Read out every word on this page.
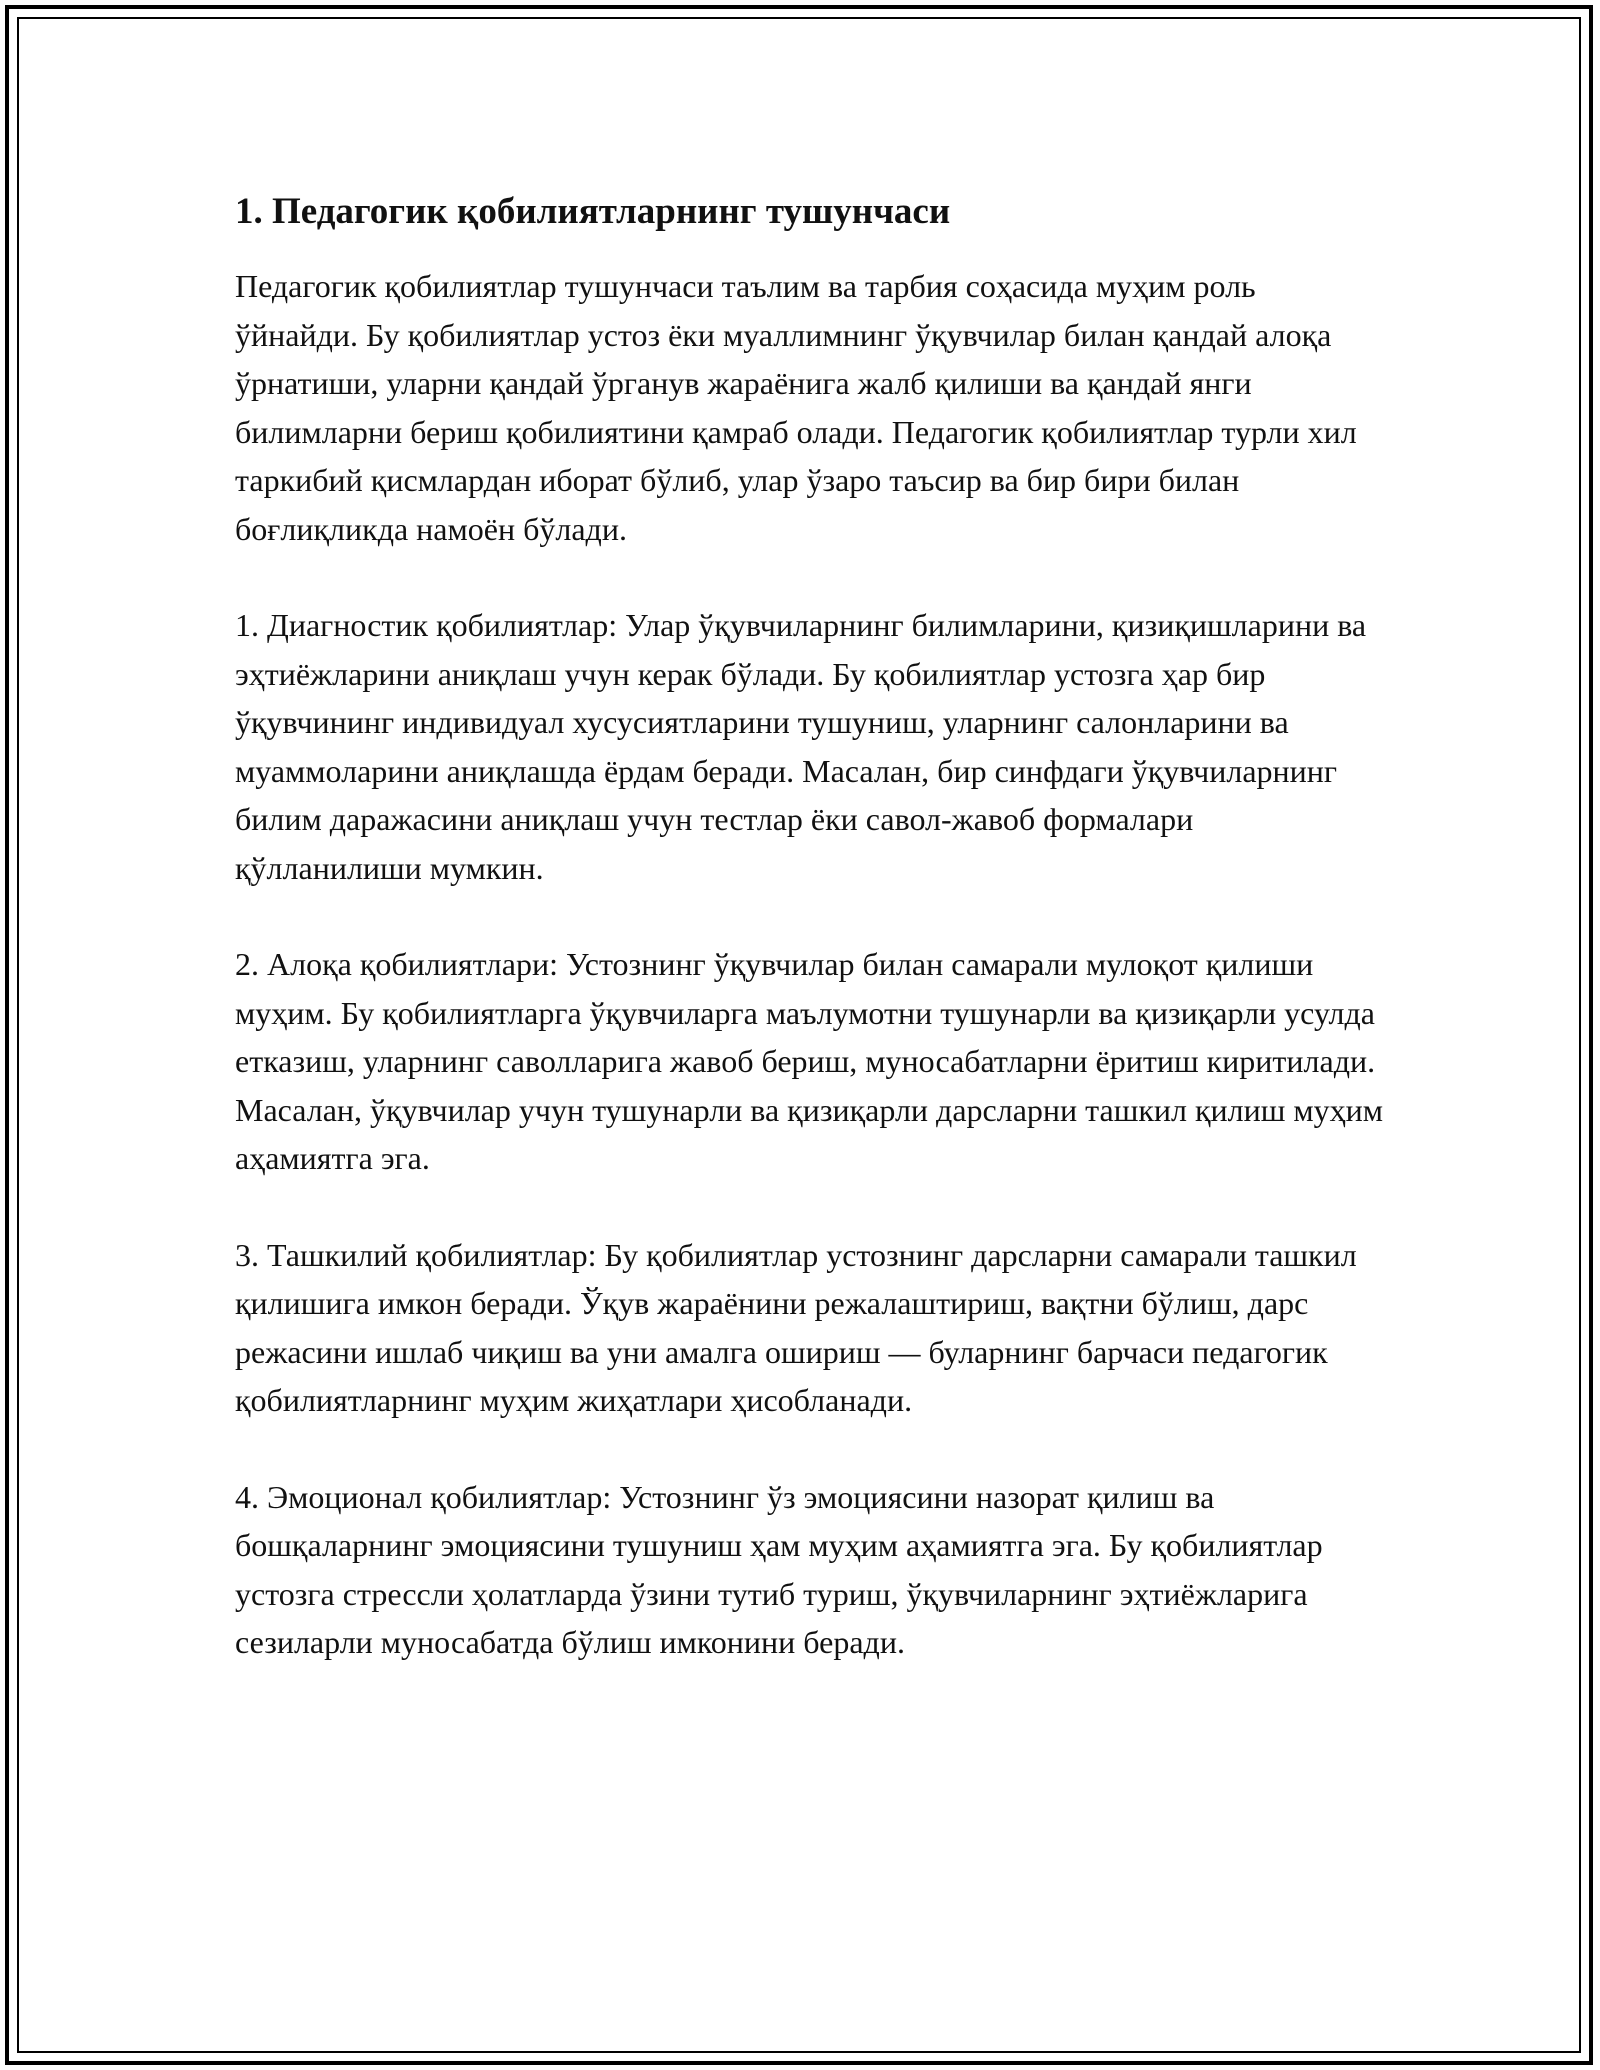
1. Педагогик қобилиятларнинг тушунчаси

Педагогик қобилиятлар тушунчаси таълим ва тарбия соҳасида муҳим роль ўйнайди. Бу қобилиятлар устоз ёки муаллимнинг ўқувчилар билан қандай алоқа ўрнатиши, уларни қандай ўрганув жараёнига жалб қилиши ва қандай янги билимларни бериш қобилиятини қамраб олади. Педагогик қобилиятлар турли хил таркибий қисмлардан иборат бўлиб, улар ўзаро таъсир ва бир бири билан боғлиқликда намоён бўлади.

1. Диагностик қобилиятлар: Улар ўқувчиларнинг билимларини, қизиқишларини ва эҳтиёжларини аниқлаш учун керак бўлади. Бу қобилиятлар устозга ҳар бир ўқувчининг индивидуал хусусиятларини тушуниш, уларнинг салонларини ва муаммоларини аниқлашда ёрдам беради. Масалан, бир синфдаги ўқувчиларнинг билим даражасини аниқлаш учун тестлар ёки савол-жавоб формалари қўлланилиши мумкин.

2. Алоқа қобилиятлари: Устознинг ўқувчилар билан самарали мулоқот қилиши муҳим. Бу қобилиятларга ўқувчиларга маълумотни тушунарли ва қизиқарли усулда етказиш, уларнинг саволларига жавоб бериш, муносабатларни ёритиш киритилади. Масалан, ўқувчилар учун тушунарли ва қизиқарли дарсларни ташкил қилиш муҳим аҳамиятга эга.

3. Ташкилий қобилиятлар: Бу қобилиятлар устознинг дарсларни самарали ташкил қилишига имкон беради. Ўқув жараёнини режалаштириш, вақтни бўлиш, дарс режасини ишлаб чиқиш ва уни амалга ошириш — буларнинг барчаси педагогик қобилиятларнинг муҳим жиҳатлари ҳисобланади.

4. Эмоционал қобилиятлар: Устознинг ўз эмоциясини назорат қилиш ва бошқаларнинг эмоциясини тушуниш ҳам муҳим аҳамиятга эга. Бу қобилиятлар устозга стрессли ҳолатларда ўзини тутиб туриш, ўқувчиларнинг эҳтиёжларига сезиларли муносабатда бўлиш имконини беради.
